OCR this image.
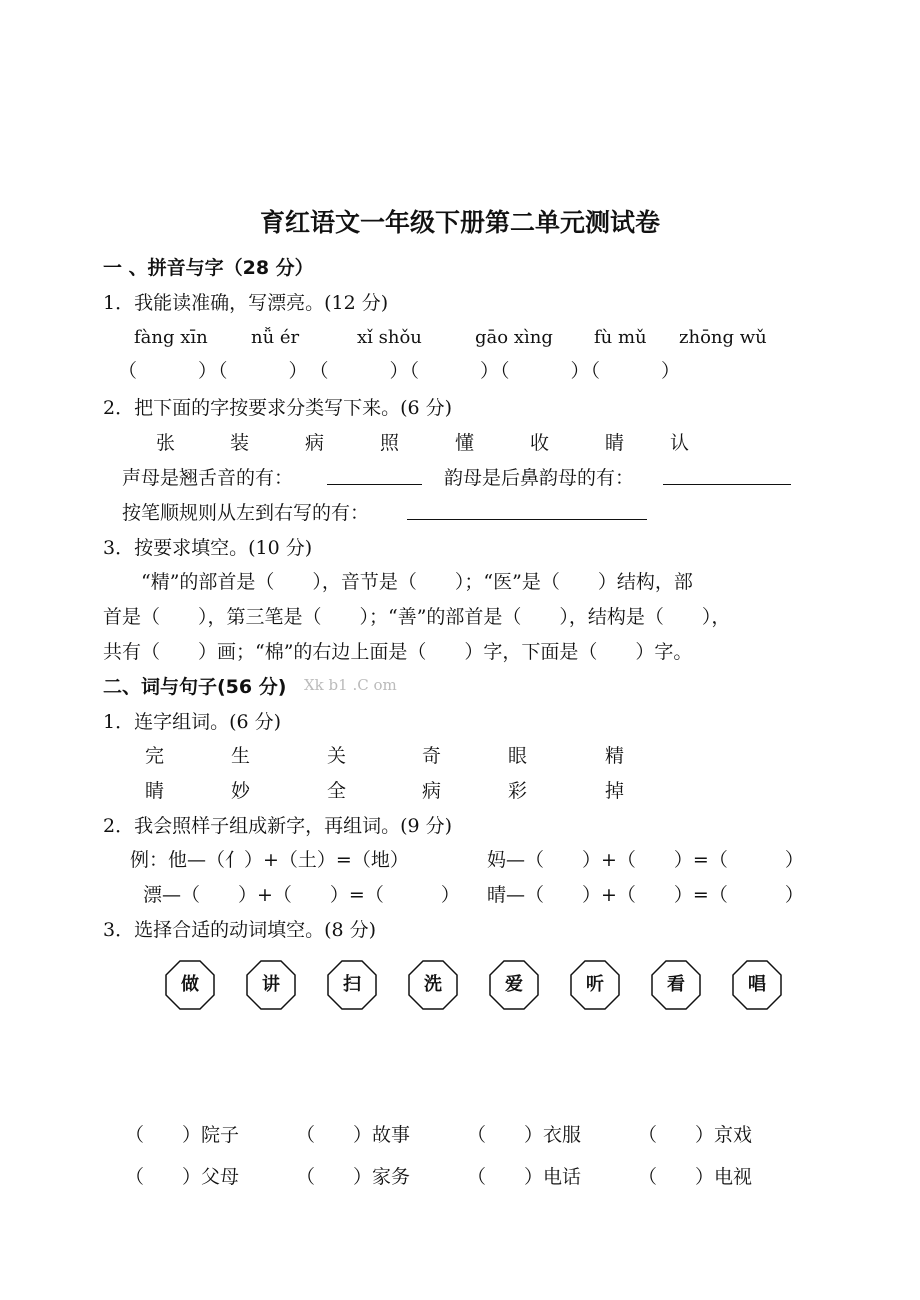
育红语文一年级下册第二单元测试卷
一 、拼音与字（28 分）
1．我能读准确，写漂亮。(12 分)
fàng xīn nǚ ér	xǐ shǒu	gāo xìng fù mǔ zhōng wǔ
（　　　）（　　　）　（　　　）（　　　）（　　　）（　　　）
2．把下面的字按要求分类写下来。(6 分)
张	装	病	照	懂	收	睛 认
声母是翘舌音的有：	韵母是后鼻韵母的有：
按笔顺规则从左到右写的有：
3．按要求填空。(10 分)
“精”的部首是（　　），音节是（　　）；“医”是（　　）结构，部
首是（　　），第三笔是（　　）；“善”的部首是（　　），结构是（　　），
共有（　　）画；“棉”的右边上面是（　　）字，下面是（　　）字。
二、词与句子(56 分) Xk b1 .C om
1．连字组词。(6 分)
完	生	关	奇	眼	精
睛	妙	全	病	彩	掉
2．我会照样子组成新字，再组词。(9 分)
例：他—（亻）+（土）=（地）	妈—（　　）+（　　）=（　　　）
漂—（　　）+（　　）=（　　　） 晴—（　　）+（　　）=（　　　）
3．选择合适的动词填空。(8 分)
做	讲	扫	洗	爱	听	看	唱
（　　）院子	（　　）故事	（　　）衣服	（　　）京戏
（　　）父母	（　　）家务	（　　）电话	（　　）电视
